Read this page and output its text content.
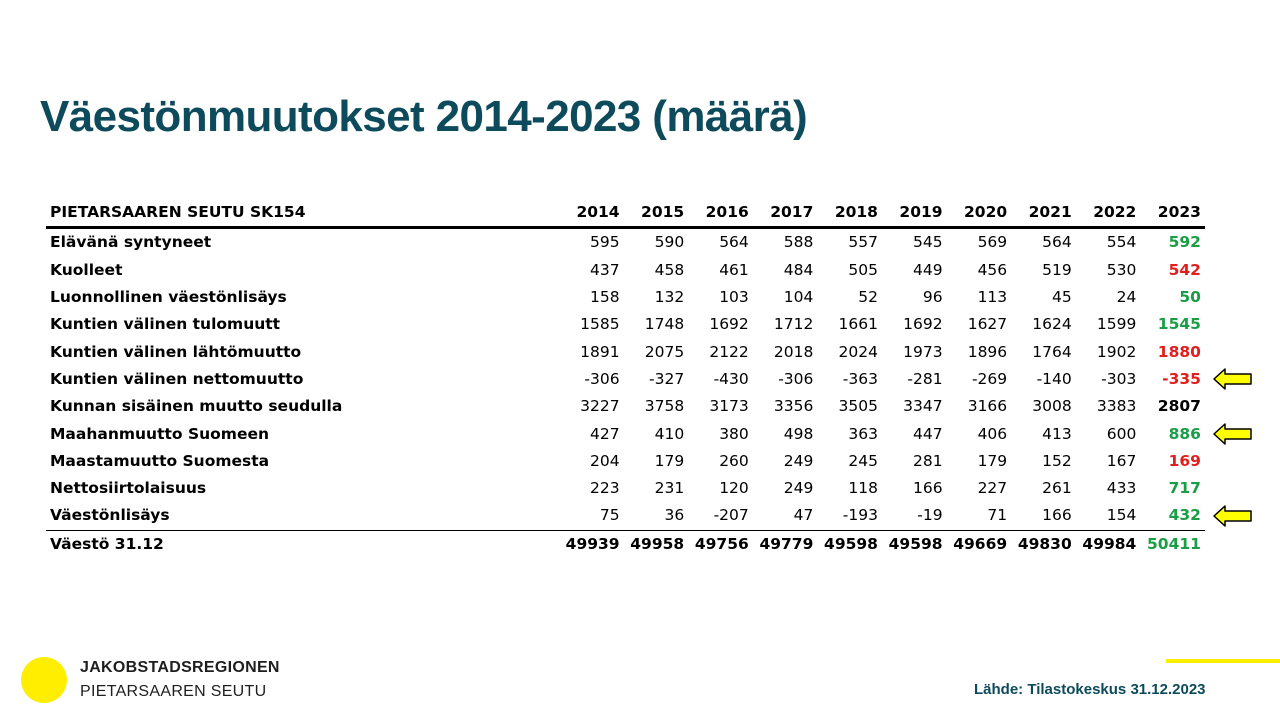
Väestönmuutokset 2014-2023 (määrä)
PIETARSAAREN SEUTU SK154	2014	2015	2016	2017	2018	2019	2020	2021	2022	2023
Elävänä syntyneet	595	590	564	588	557	545	569	564	554	592
Kuolleet	437	458	461	484	505	449	456	519	530	542
Luonnollinen väestönlisäys	158	132	103	104	52	96	113	45	24	50
Kuntien välinen tulomuutt	1585	1748	1692	1712	1661	1692	1627	1624	1599	1545
Kuntien välinen lähtömuutto	1891	2075	2122	2018	2024	1973	1896	1764	1902	1880
Kuntien välinen nettomuutto	-306	-327	-430	-306	-363	-281	-269	-140	-303	-335
Kunnan sisäinen muutto seudulla	3227	3758	3173	3356	3505	3347	3166	3008	3383	2807
Maahanmuutto Suomeen	427	410	380	498	363	447	406	413	600	886
Maastamuutto Suomesta	204	179	260	249	245	281	179	152	167	169
Nettosiirtolaisuus	223	231	120	249	118	166	227	261	433	717
Väestönlisäys	75	36	-207	47	-193	-19	71	166	154	432
Väestö 31.12	49939	49958	49756	49779	49598	49598	49669	49830	49984	50411
JAKOBSTADSREGIONEN
PIETARSAAREN SEUTU	Lähde: Tilastokeskus 31.12.2023
